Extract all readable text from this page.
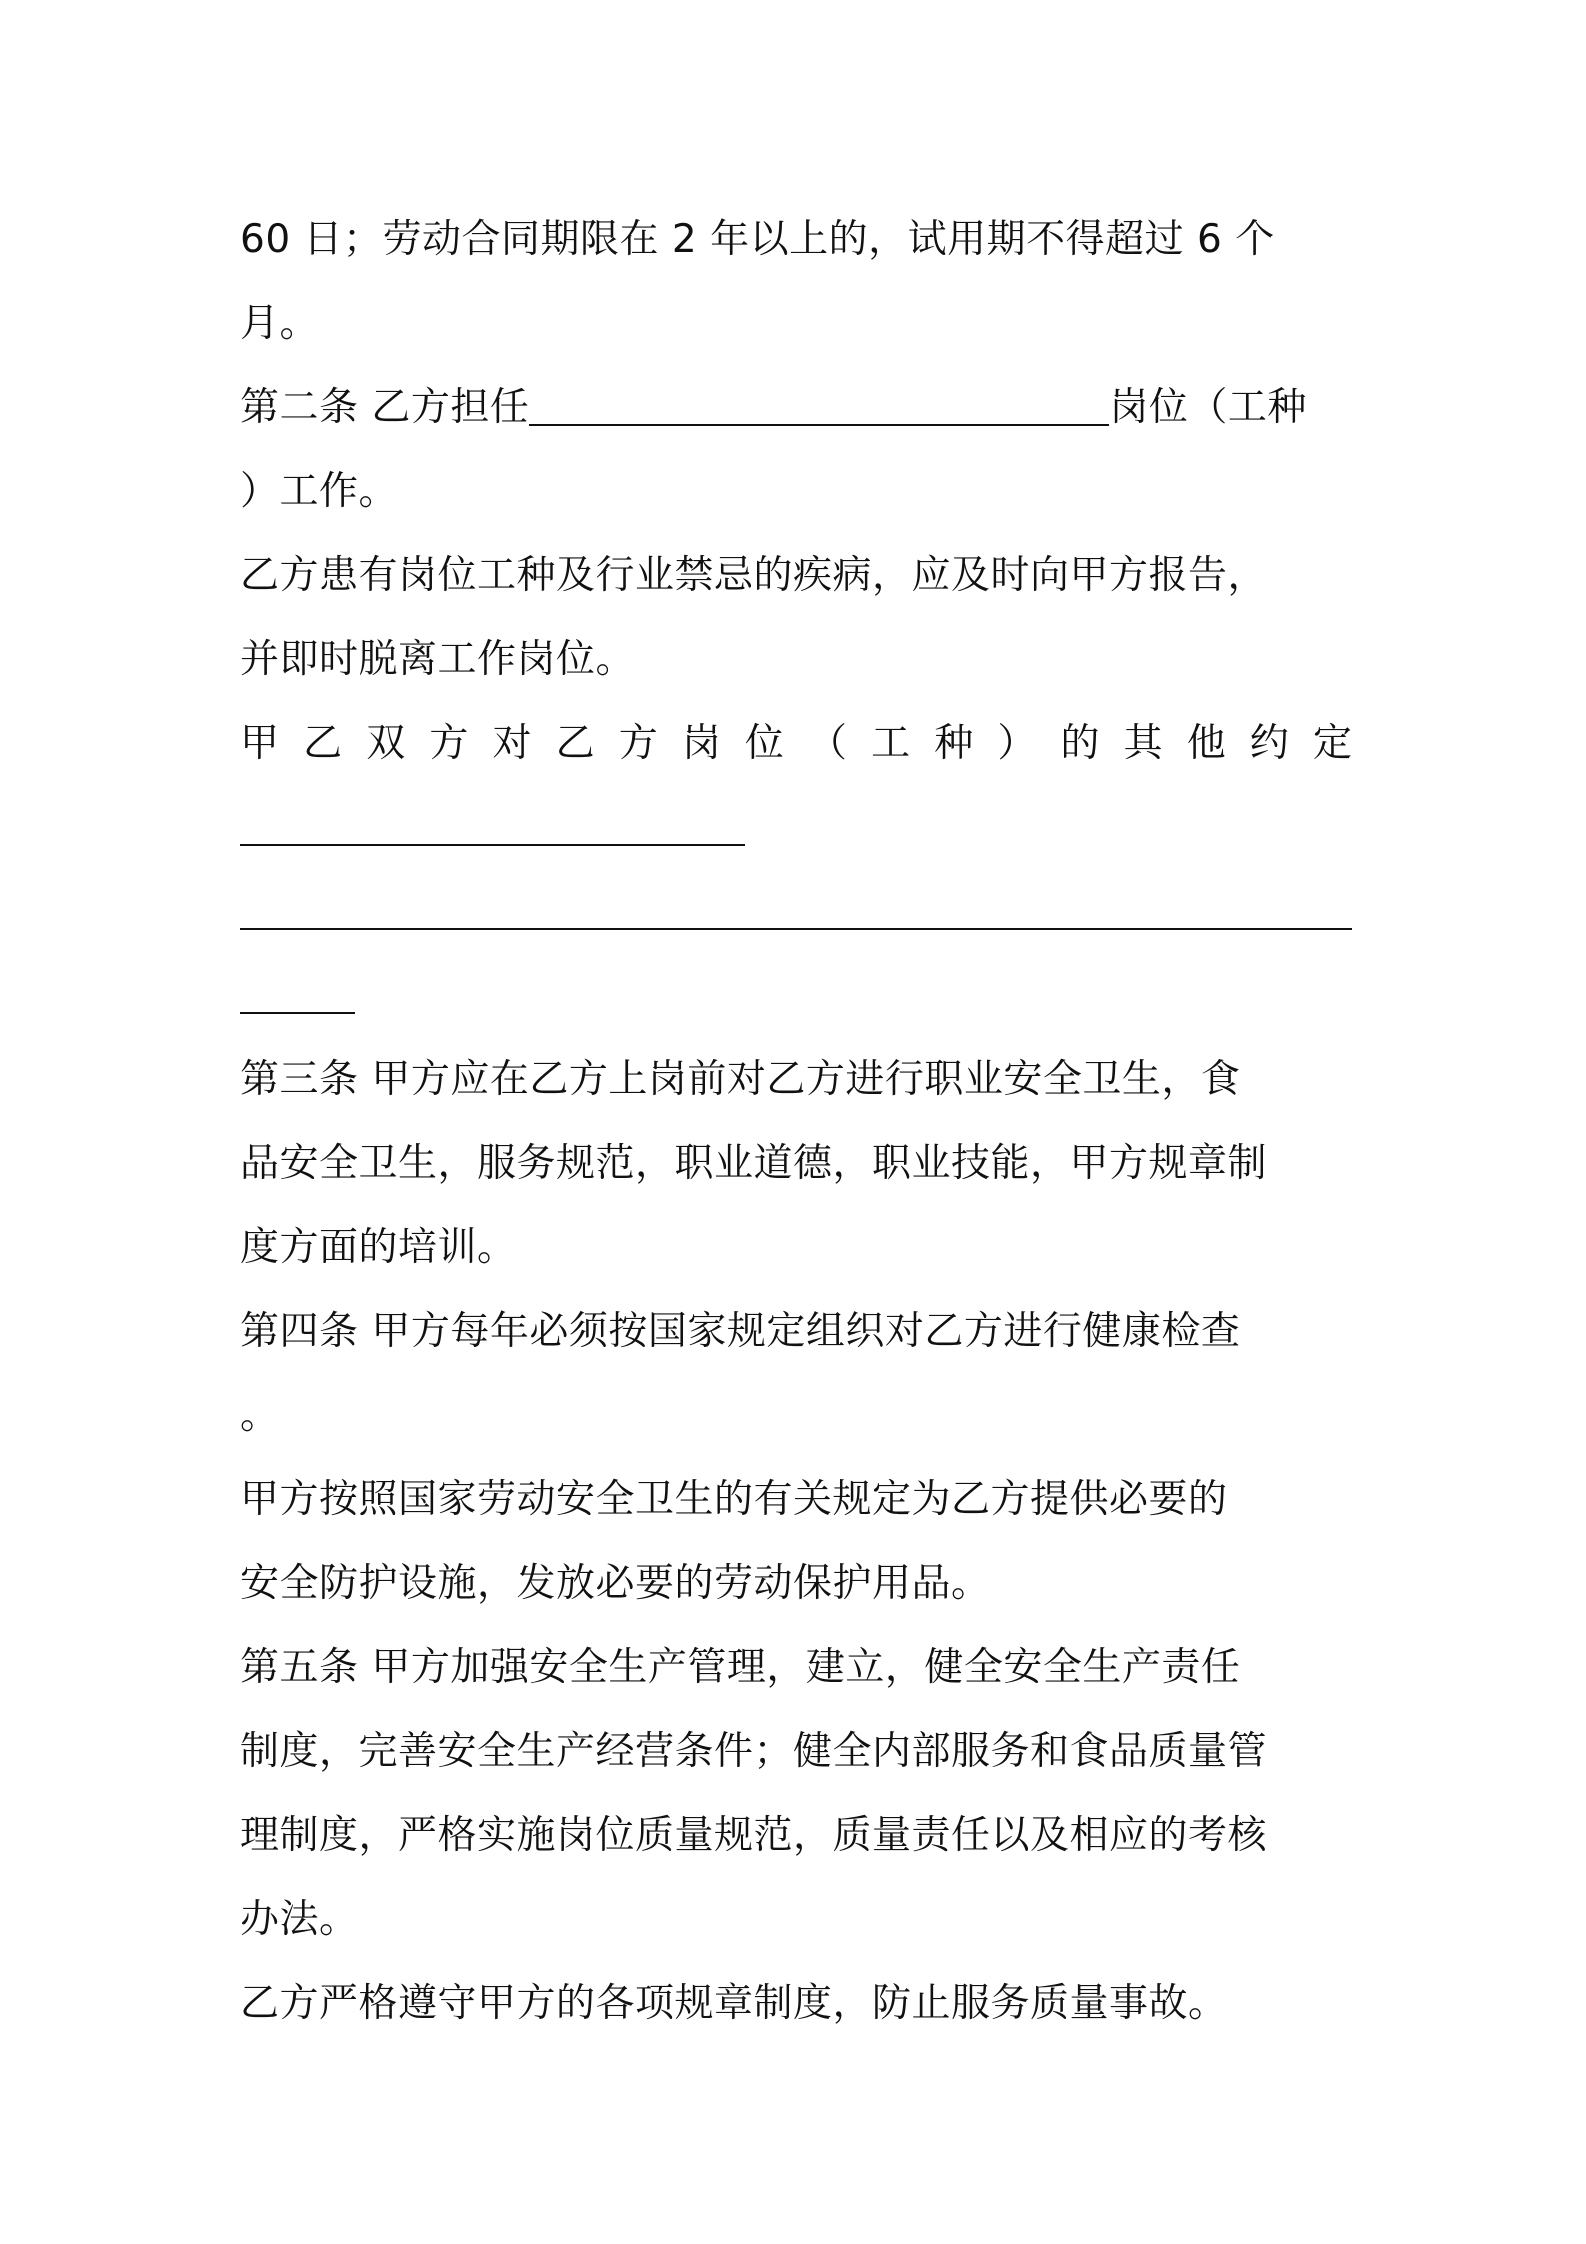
60 日；劳动合同期限在 2 年以上的，试用期不得超过 6 个
月。
第二条 乙方担任	岗位（工种
）工作。
乙方患有岗位工种及行业禁忌的疾病，应及时向甲方报告，
并即时脱离工作岗位。
甲乙双方对乙方岗位（工种）的其他约定
第三条 甲方应在乙方上岗前对乙方进行职业安全卫生，食
品安全卫生，服务规范，职业道德，职业技能，甲方规章制
度方面的培训。
第四条 甲方每年必须按国家规定组织对乙方进行健康检查
。
甲方按照国家劳动安全卫生的有关规定为乙方提供必要的
安全防护设施，发放必要的劳动保护用品。
第五条 甲方加强安全生产管理，建立，健全安全生产责任
制度，完善安全生产经营条件；健全内部服务和食品质量管
理制度，严格实施岗位质量规范，质量责任以及相应的考核
办法。
乙方严格遵守甲方的各项规章制度，防止服务质量事故。
